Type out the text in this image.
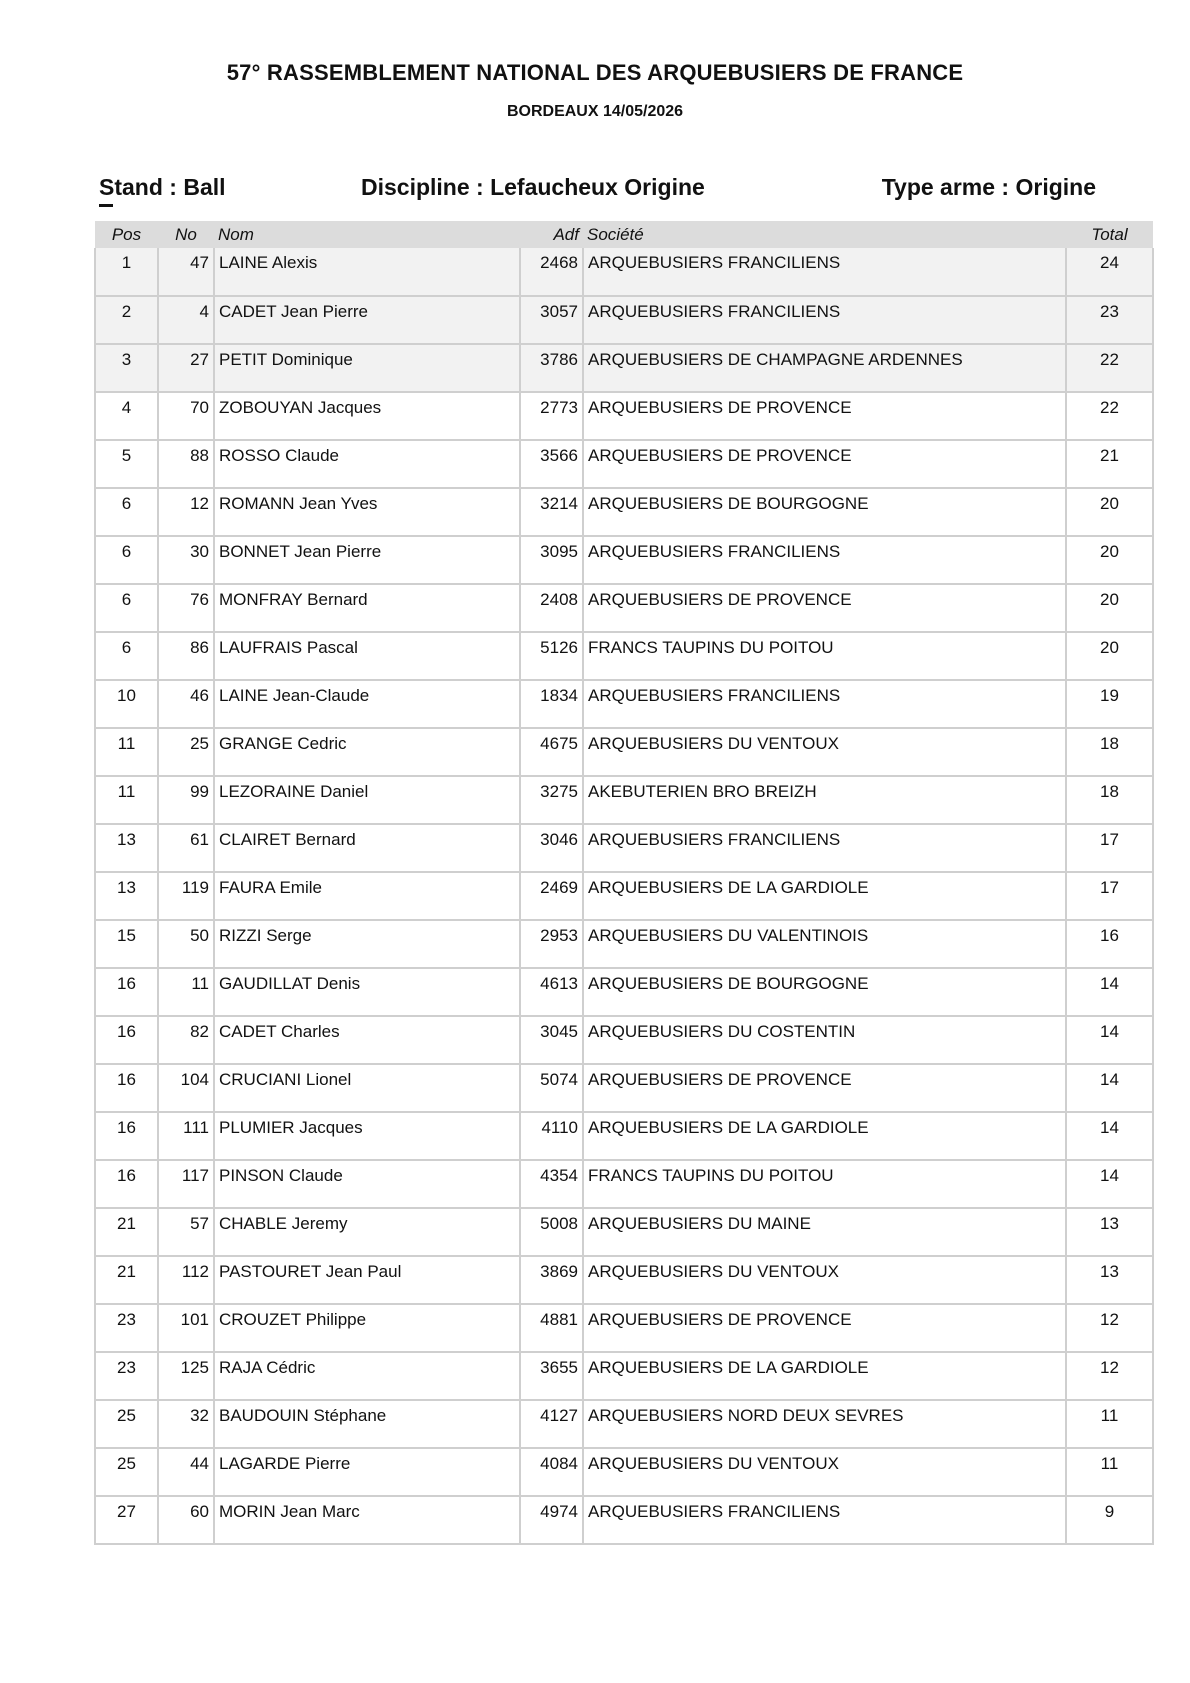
57° RASSEMBLEMENT NATIONAL DES ARQUEBUSIERS DE FRANCE
BORDEAUX 14/05/2026
Stand : Ball	Discipline : Lefaucheux Origine	Type arme : Origine
Pos	No	Nom	Adf	Société	Total
1	47	LAINE Alexis	2468	ARQUEBUSIERS FRANCILIENS	24
2	4	CADET Jean Pierre	3057	ARQUEBUSIERS FRANCILIENS	23
3	27	PETIT Dominique	3786	ARQUEBUSIERS DE CHAMPAGNE ARDENNES	22
4	70	ZOBOUYAN Jacques	2773	ARQUEBUSIERS DE PROVENCE	22
5	88	ROSSO Claude	3566	ARQUEBUSIERS DE PROVENCE	21
6	12	ROMANN Jean Yves	3214	ARQUEBUSIERS DE BOURGOGNE	20
6	30	BONNET Jean Pierre	3095	ARQUEBUSIERS FRANCILIENS	20
6	76	MONFRAY Bernard	2408	ARQUEBUSIERS DE PROVENCE	20
6	86	LAUFRAIS Pascal	5126	FRANCS TAUPINS DU POITOU	20
10	46	LAINE Jean-Claude	1834	ARQUEBUSIERS FRANCILIENS	19
11	25	GRANGE Cedric	4675	ARQUEBUSIERS DU VENTOUX	18
11	99	LEZORAINE Daniel	3275	AKEBUTERIEN BRO BREIZH	18
13	61	CLAIRET Bernard	3046	ARQUEBUSIERS FRANCILIENS	17
13	119	FAURA Emile	2469	ARQUEBUSIERS DE LA GARDIOLE	17
15	50	RIZZI Serge	2953	ARQUEBUSIERS DU VALENTINOIS	16
16	11	GAUDILLAT Denis	4613	ARQUEBUSIERS DE BOURGOGNE	14
16	82	CADET Charles	3045	ARQUEBUSIERS DU COSTENTIN	14
16	104	CRUCIANI Lionel	5074	ARQUEBUSIERS DE PROVENCE	14
16	111	PLUMIER Jacques	4110	ARQUEBUSIERS DE LA GARDIOLE	14
16	117	PINSON Claude	4354	FRANCS TAUPINS DU POITOU	14
21	57	CHABLE Jeremy	5008	ARQUEBUSIERS DU MAINE	13
21	112	PASTOURET Jean Paul	3869	ARQUEBUSIERS DU VENTOUX	13
23	101	CROUZET Philippe	4881	ARQUEBUSIERS DE PROVENCE	12
23	125	RAJA Cédric	3655	ARQUEBUSIERS DE LA GARDIOLE	12
25	32	BAUDOUIN Stéphane	4127	ARQUEBUSIERS NORD DEUX SEVRES	11
25	44	LAGARDE Pierre	4084	ARQUEBUSIERS DU VENTOUX	11
27	60	MORIN Jean Marc	4974	ARQUEBUSIERS FRANCILIENS	9
